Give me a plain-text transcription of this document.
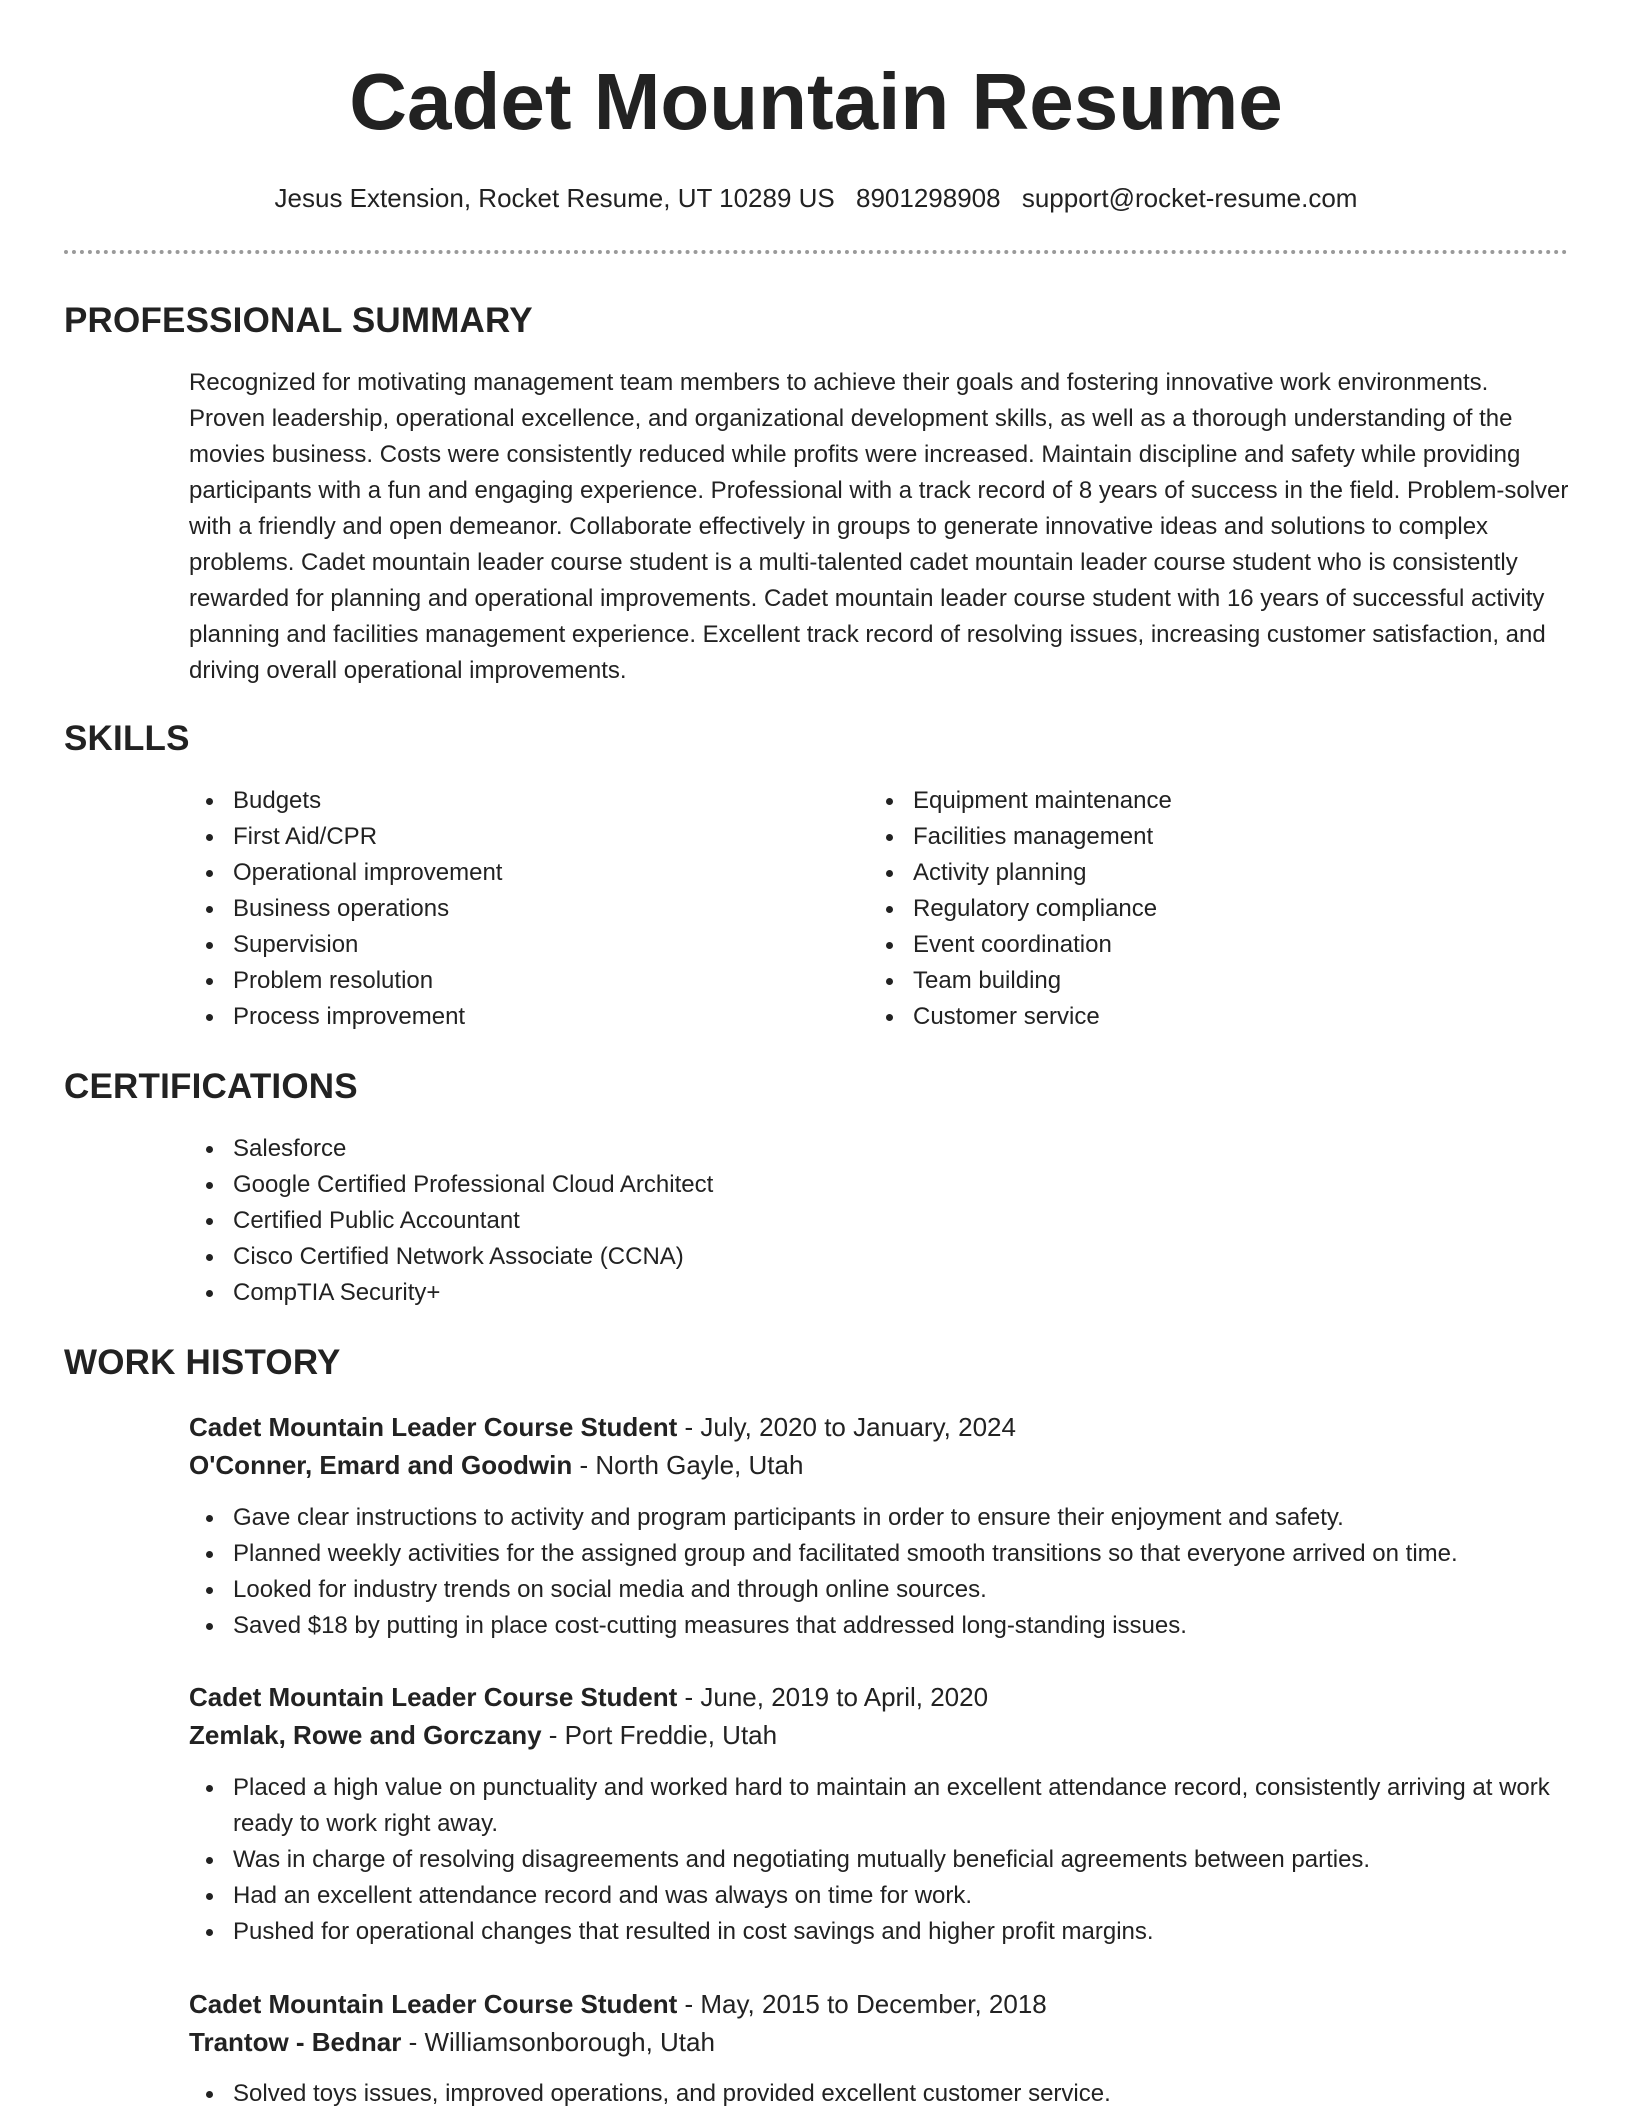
Cadet Mountain Resume
Jesus Extension, Rocket Resume, UT 10289 US 8901298908 support@rocket-resume.com
PROFESSIONAL SUMMARY

Recognized for motivating management team members to achieve their goals and fostering innovative work environments. Proven leadership, operational excellence, and organizational development skills, as well as a thorough understanding of the movies business. Costs were consistently reduced while profits were increased. Maintain discipline and safety while providing participants with a fun and engaging experience. Professional with a track record of 8 years of success in the field. Problem-solver with a friendly and open demeanor. Collaborate effectively in groups to generate innovative ideas and solutions to complex problems. Cadet mountain leader course student is a multi-talented cadet mountain leader course student who is consistently rewarded for planning and operational improvements. Cadet mountain leader course student with 16 years of successful activity planning and facilities management experience. Excellent track record of resolving issues, increasing customer satisfaction, and driving overall operational improvements.

SKILLS
Budgets
First Aid/CPR
Operational improvement
Business operations
Supervision
Problem resolution
Process improvement
Equipment maintenance
Facilities management
Activity planning
Regulatory compliance
Event coordination
Team building
Customer service
CERTIFICATIONS
Salesforce
Google Certified Professional Cloud Architect
Certified Public Accountant
Cisco Certified Network Associate (CCNA)
CompTIA Security+
WORK HISTORY
Cadet Mountain Leader Course Student - July, 2020 to January, 2024
O'Conner, Emard and Goodwin - North Gayle, Utah
Gave clear instructions to activity and program participants in order to ensure their enjoyment and safety.
Planned weekly activities for the assigned group and facilitated smooth transitions so that everyone arrived on time.
Looked for industry trends on social media and through online sources.
Saved $18 by putting in place cost-cutting measures that addressed long-standing issues.
Cadet Mountain Leader Course Student - June, 2019 to April, 2020
Zemlak, Rowe and Gorczany - Port Freddie, Utah
Placed a high value on punctuality and worked hard to maintain an excellent attendance record, consistently arriving at work ready to work right away.
Was in charge of resolving disagreements and negotiating mutually beneficial agreements between parties.
Had an excellent attendance record and was always on time for work.
Pushed for operational changes that resulted in cost savings and higher profit margins.
Cadet Mountain Leader Course Student - May, 2015 to December, 2018
Trantow - Bednar - Williamsonborough, Utah
Solved toys issues, improved operations, and provided excellent customer service.
